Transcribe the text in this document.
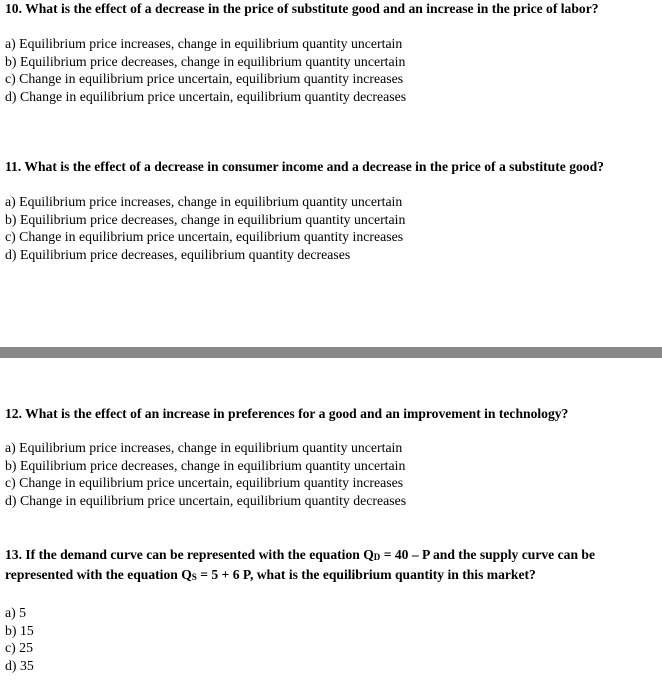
10. What is the effect of a decrease in the price of substitute good and an increase in the price of labor?

a) Equilibrium price increases, change in equilibrium quantity uncertain
b) Equilibrium price decreases, change in equilibrium quantity uncertain
c) Change in equilibrium price uncertain, equilibrium quantity increases
d) Change in equilibrium price uncertain, equilibrium quantity decreases

11. What is the effect of a decrease in consumer income and a decrease in the price of a substitute good?

a) Equilibrium price increases, change in equilibrium quantity uncertain
b) Equilibrium price decreases, change in equilibrium quantity uncertain
c) Change in equilibrium price uncertain, equilibrium quantity increases
d) Equilibrium price decreases, equilibrium quantity decreases

12. What is the effect of an increase in preferences for a good and an improvement in technology?

a) Equilibrium price increases, change in equilibrium quantity uncertain
b) Equilibrium price decreases, change in equilibrium quantity uncertain
c) Change in equilibrium price uncertain, equilibrium quantity increases
d) Change in equilibrium price uncertain, equilibrium quantity decreases

13. If the demand curve can be represented with the equation $Q_D = 40 - P$ and the supply curve can be represented with the equation $Q_S = 5 + 6$ P, what is the equilibrium quantity in this market?

a) 5
b) 15
c) 25
d) 35
